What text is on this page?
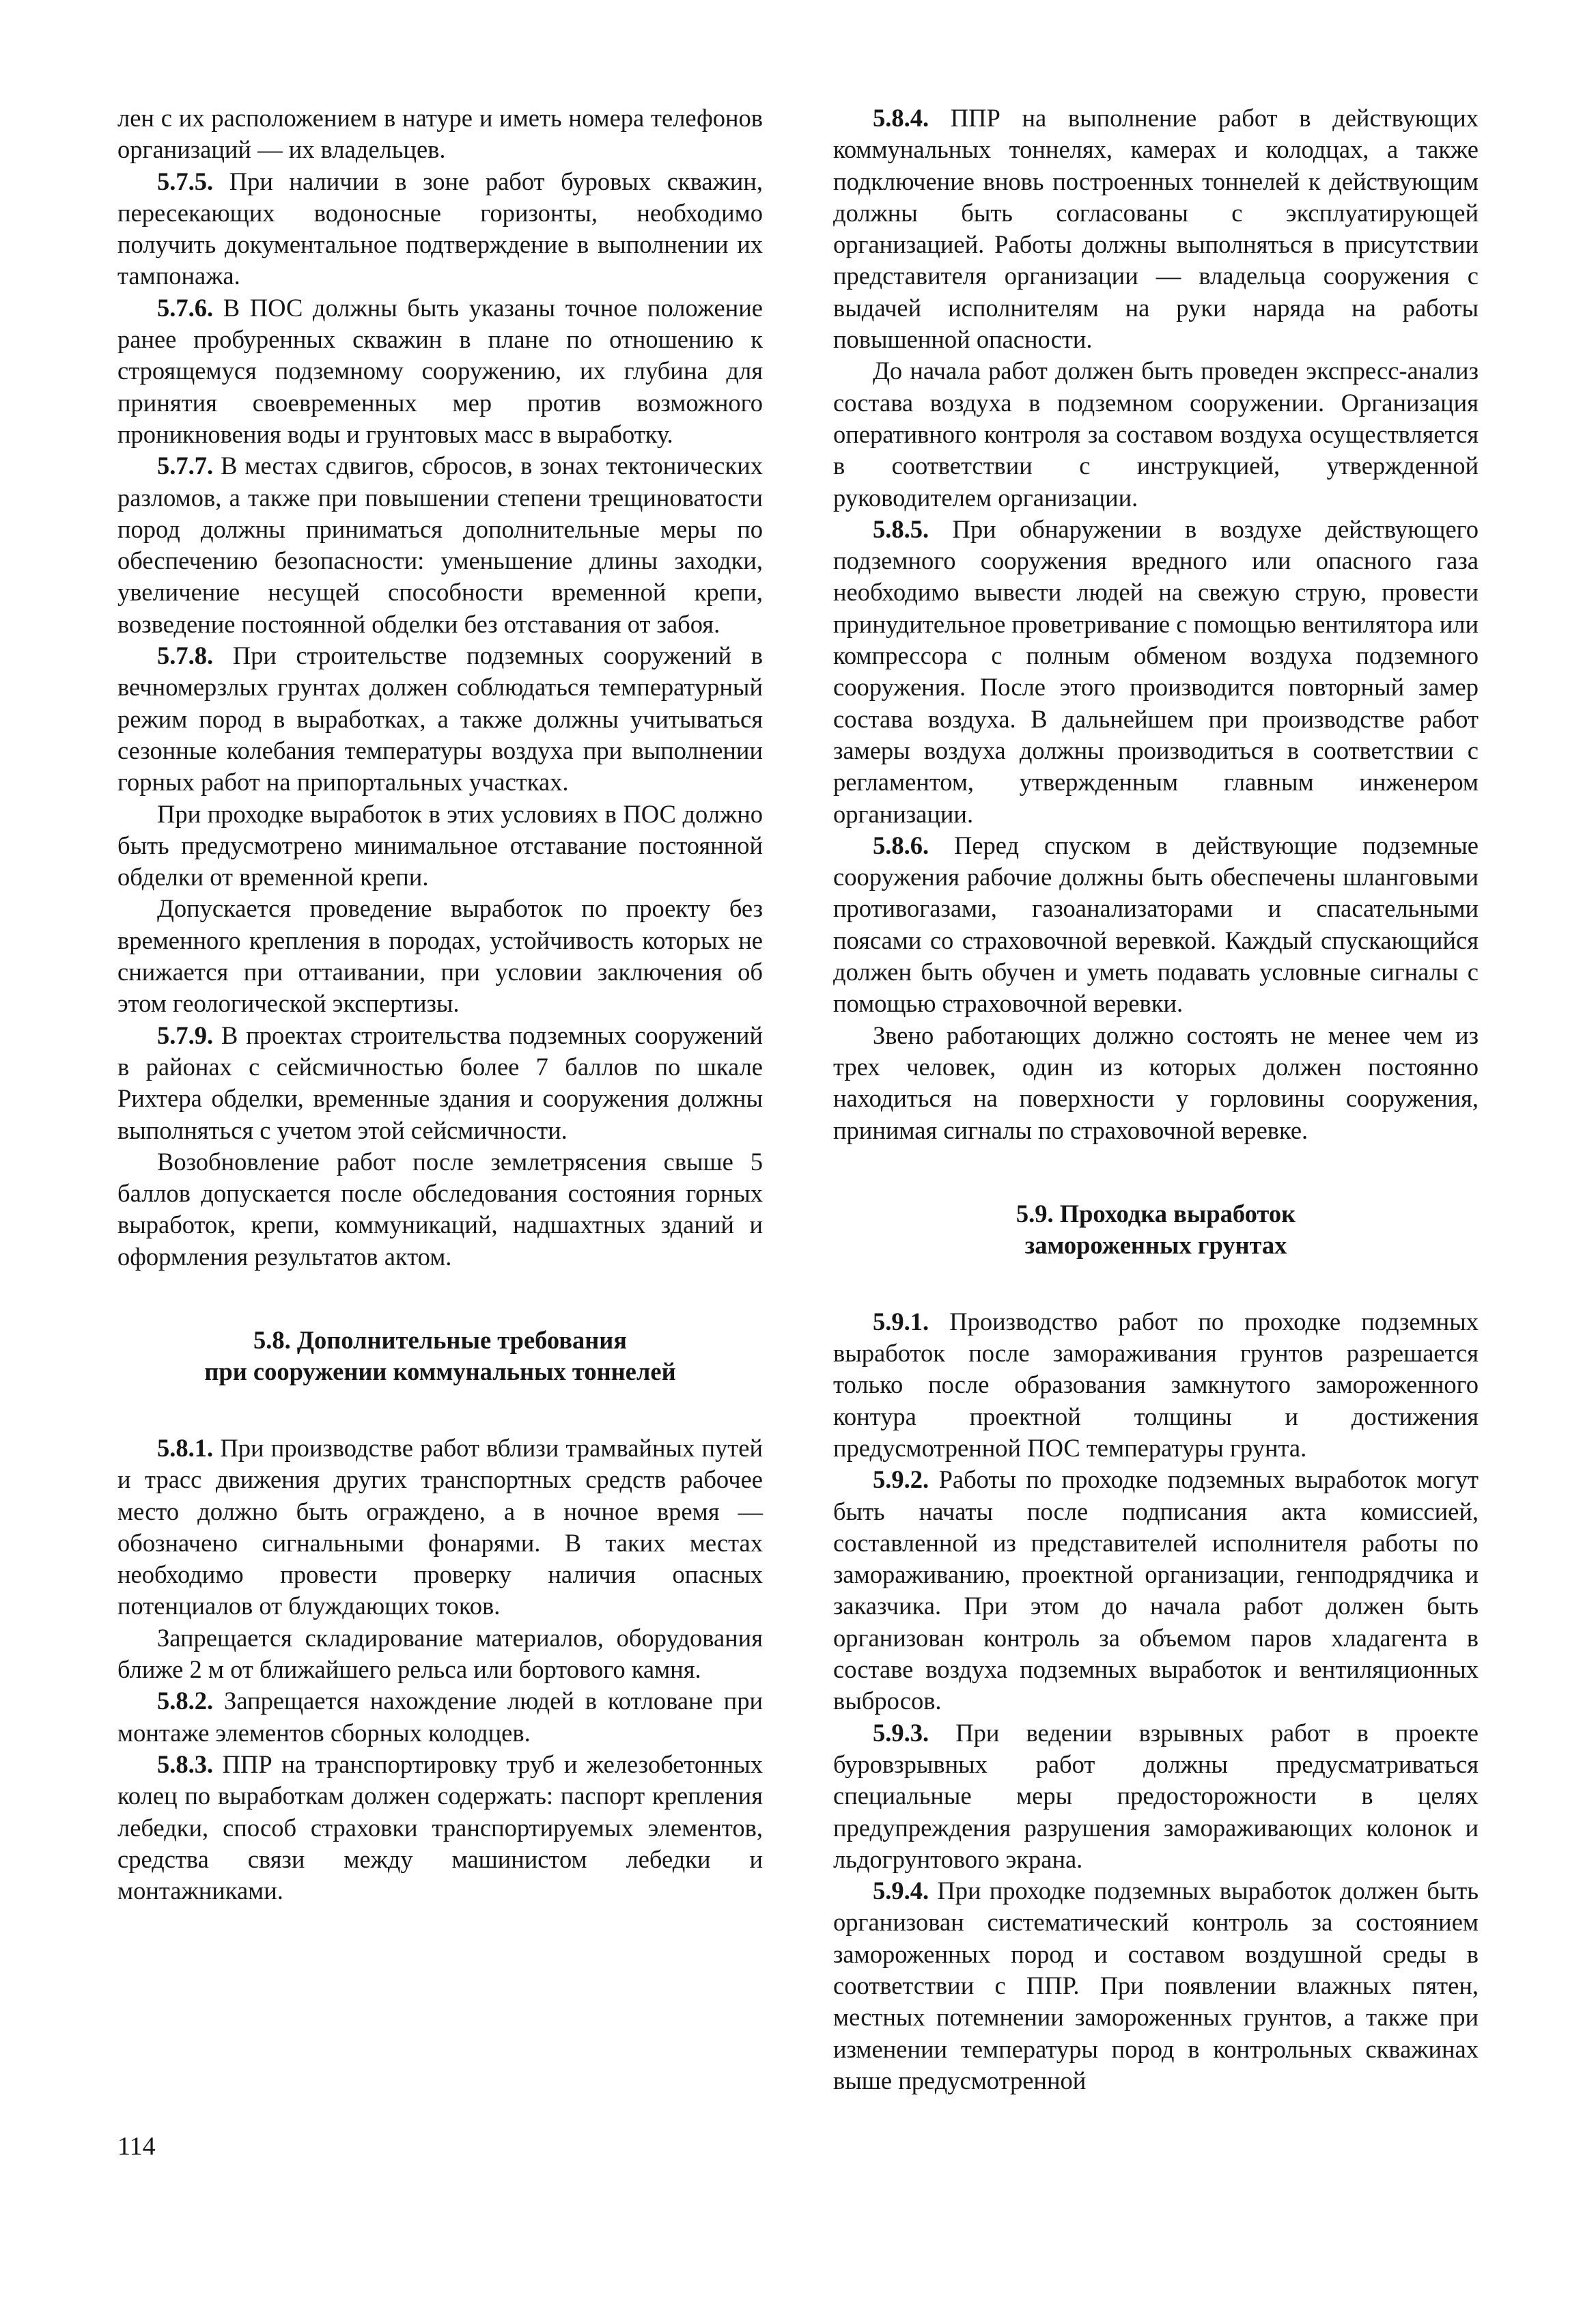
лен с их расположением в натуре и иметь номера телефонов организаций — их владельцев.

5.7.5. При наличии в зоне работ буровых скважин, пересекающих водоносные горизонты, необходимо получить документальное подтверждение в выполнении их тампонажа.

5.7.6. В ПОС должны быть указаны точное положение ранее пробуренных скважин в плане по отношению к строящемуся подземному сооружению, их глубина для принятия своевременных мер против возможного проникновения воды и грунтовых масс в выработку.

5.7.7. В местах сдвигов, сбросов, в зонах тектонических разломов, а также при повышении степени трещиноватости пород должны приниматься дополнительные меры по обеспечению безопасности: уменьшение длины заходки, увеличение несущей способности временной крепи, возведение постоянной обделки без отставания от забоя.

5.7.8. При строительстве подземных сооружений в вечномерзлых грунтах должен соблюдаться температурный режим пород в выработках, а также должны учитываться сезонные колебания температуры воздуха при выполнении горных работ на припортальных участках.

При проходке выработок в этих условиях в ПОС должно быть предусмотрено минимальное отставание постоянной обделки от временной крепи.

Допускается проведение выработок по проекту без временного крепления в породах, устойчивость которых не снижается при оттаивании, при условии заключения об этом геологической экспертизы.

5.7.9. В проектах строительства подземных сооружений в районах с сейсмичностью более 7 баллов по шкале Рихтера обделки, временные здания и сооружения должны выполняться с учетом этой сейсмичности.

Возобновление работ после землетрясения свыше 5 баллов допускается после обследования состояния горных выработок, крепи, коммуникаций, надшахтных зданий и оформления результатов актом.

5.8. Дополнительные требования
при сооружении коммунальных тоннелей

5.8.1. При производстве работ вблизи трамвайных путей и трасс движения других транспортных средств рабочее место должно быть ограждено, а в ночное время — обозначено сигнальными фонарями. В таких местах необходимо провести проверку наличия опасных потенциалов от блуждающих токов.

Запрещается складирование материалов, оборудования ближе 2 м от ближайшего рельса или бортового камня.

5.8.2. Запрещается нахождение людей в котловане при монтаже элементов сборных колодцев.

5.8.3. ППР на транспортировку труб и железобетонных колец по выработкам должен содержать: паспорт крепления лебедки, способ страховки транспортируемых элементов, средства связи между машинистом лебедки и монтажниками.

5.8.4. ППР на выполнение работ в действующих коммунальных тоннелях, камерах и колодцах, а также подключение вновь построенных тоннелей к действующим должны быть согласованы с эксплуатирующей организацией. Работы должны выполняться в присутствии представителя организации — владельца сооружения с выдачей исполнителям на руки наряда на работы повышенной опасности.

До начала работ должен быть проведен экспресс-анализ состава воздуха в подземном сооружении. Организация оперативного контроля за составом воздуха осуществляется в соответствии с инструкцией, утвержденной руководителем организации.

5.8.5. При обнаружении в воздухе действующего подземного сооружения вредного или опасного газа необходимо вывести людей на свежую струю, провести принудительное проветривание с помощью вентилятора или компрессора с полным обменом воздуха подземного сооружения. После этого производится повторный замер состава воздуха. В дальнейшем при производстве работ замеры воздуха должны производиться в соответствии с регламентом, утвержденным главным инженером организации.

5.8.6. Перед спуском в действующие подземные сооружения рабочие должны быть обеспечены шланговыми противогазами, газоанализаторами и спасательными поясами со страховочной веревкой. Каждый спускающийся должен быть обучен и уметь подавать условные сигналы с помощью страховочной веревки.

Звено работающих должно состоять не менее чем из трех человек, один из которых должен постоянно находиться на поверхности у горловины сооружения, принимая сигналы по страховочной веревке.

5.9. Проходка выработок
замороженных грунтах

5.9.1. Производство работ по проходке подземных выработок после замораживания грунтов разрешается только после образования замкнутого замороженного контура проектной толщины и достижения предусмотренной ПОС температуры грунта.

5.9.2. Работы по проходке подземных выработок могут быть начаты после подписания акта комиссией, составленной из представителей исполнителя работы по замораживанию, проектной организации, генподрядчика и заказчика. При этом до начала работ должен быть организован контроль за объемом паров хладагента в составе воздуха подземных выработок и вентиляционных выбросов.

5.9.3. При ведении взрывных работ в проекте буровзрывных работ должны предусматриваться специальные меры предосторожности в целях предупреждения разрушения замораживающих колонок и льдогрунтового экрана.

5.9.4. При проходке подземных выработок должен быть организован систематический контроль за состоянием замороженных пород и составом воздушной среды в соответствии с ППР. При появлении влажных пятен, местных потемнении замороженных грунтов, а также при изменении температуры пород в контрольных скважинах выше предусмотренной

114
